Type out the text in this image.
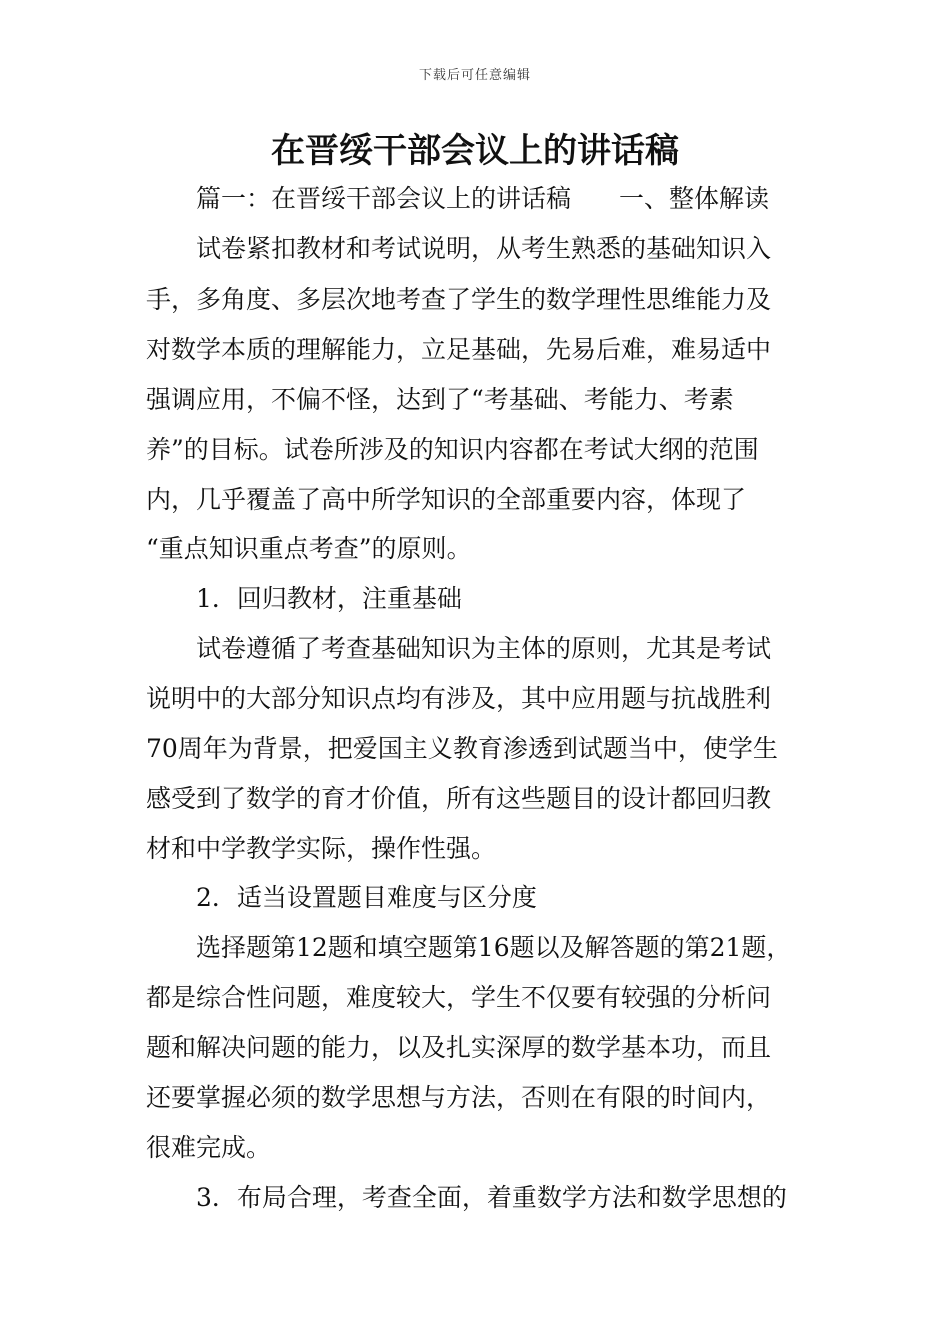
下载后可任意编辑
在晋绥干部会议上的讲话稿
篇一：在晋绥干部会议上的讲话稿 一、整体解读
试卷紧扣教材和考试说明，从考生熟悉的基础知识入
手，多角度、多层次地考查了学生的数学理性思维能力及
对数学本质的理解能力，立足基础，先易后难，难易适中
强调应用，不偏不怪，达到了“考基础、考能力、考素
养”的目标。试卷所涉及的知识内容都在考试大纲的范围
内，几乎覆盖了高中所学知识的全部重要内容，体现了
“重点知识重点考查”的原则。
1．回归教材，注重基础
试卷遵循了考查基础知识为主体的原则，尤其是考试
说明中的大部分知识点均有涉及，其中应用题与抗战胜利
70周年为背景，把爱国主义教育渗透到试题当中，使学生
感受到了数学的育才价值，所有这些题目的设计都回归教
材和中学教学实际，操作性强。
2．适当设置题目难度与区分度
选择题第12题和填空题第16题以及解答题的第21题，
都是综合性问题，难度较大，学生不仅要有较强的分析问
题和解决问题的能力，以及扎实深厚的数学基本功，而且
还要掌握必须的数学思想与方法，否则在有限的时间内，
很难完成。
3．布局合理，考查全面，着重数学方法和数学思想的
